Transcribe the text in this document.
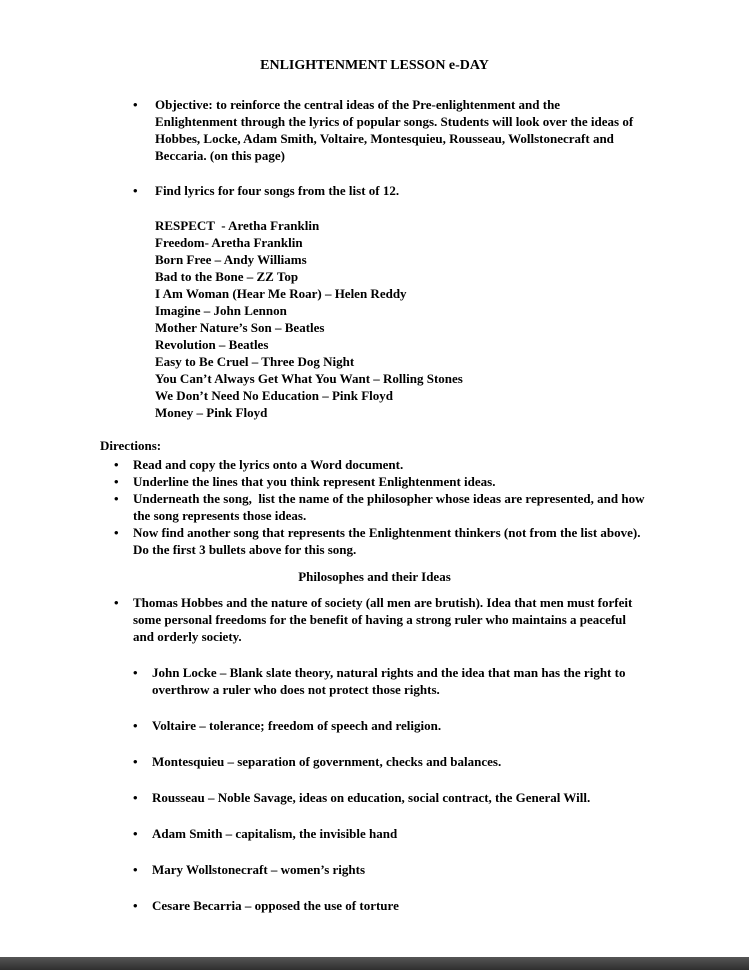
ENLIGHTENMENT LESSON e-DAY
• Objective: to reinforce the central ideas of the Pre-enlightenment and the Enlightenment through the lyrics of popular songs. Students will look over the ideas of Hobbes, Locke, Adam Smith, Voltaire, Montesquieu, Rousseau, Wollstonecraft and Beccaria. (on this page)
• Find lyrics for four songs from the list of 12.
RESPECT  - Aretha Franklin
Freedom- Aretha Franklin
Born Free – Andy Williams
Bad to the Bone – ZZ Top
I Am Woman (Hear Me Roar) – Helen Reddy
Imagine – John Lennon
Mother Nature’s Son – Beatles
Revolution – Beatles
Easy to Be Cruel – Three Dog Night
You Can’t Always Get What You Want – Rolling Stones
We Don’t Need No Education – Pink Floyd
Money – Pink Floyd
Directions:
• Read and copy the lyrics onto a Word document.
• Underline the lines that you think represent Enlightenment ideas.
• Underneath the song,  list the name of the philosopher whose ideas are represented, and how the song represents those ideas.
• Now find another song that represents the Enlightenment thinkers (not from the list above). Do the first 3 bullets above for this song.
Philosophes and their Ideas
• Thomas Hobbes and the nature of society (all men are brutish). Idea that men must forfeit some personal freedoms for the benefit of having a strong ruler who maintains a peaceful and orderly society.
• John Locke – Blank slate theory, natural rights and the idea that man has the right to overthrow a ruler who does not protect those rights.
• Voltaire – tolerance; freedom of speech and religion.
• Montesquieu – separation of government, checks and balances.
• Rousseau – Noble Savage, ideas on education, social contract, the General Will.
• Adam Smith – capitalism, the invisible hand
• Mary Wollstonecraft – women’s rights
• Cesare Becarria – opposed the use of torture
